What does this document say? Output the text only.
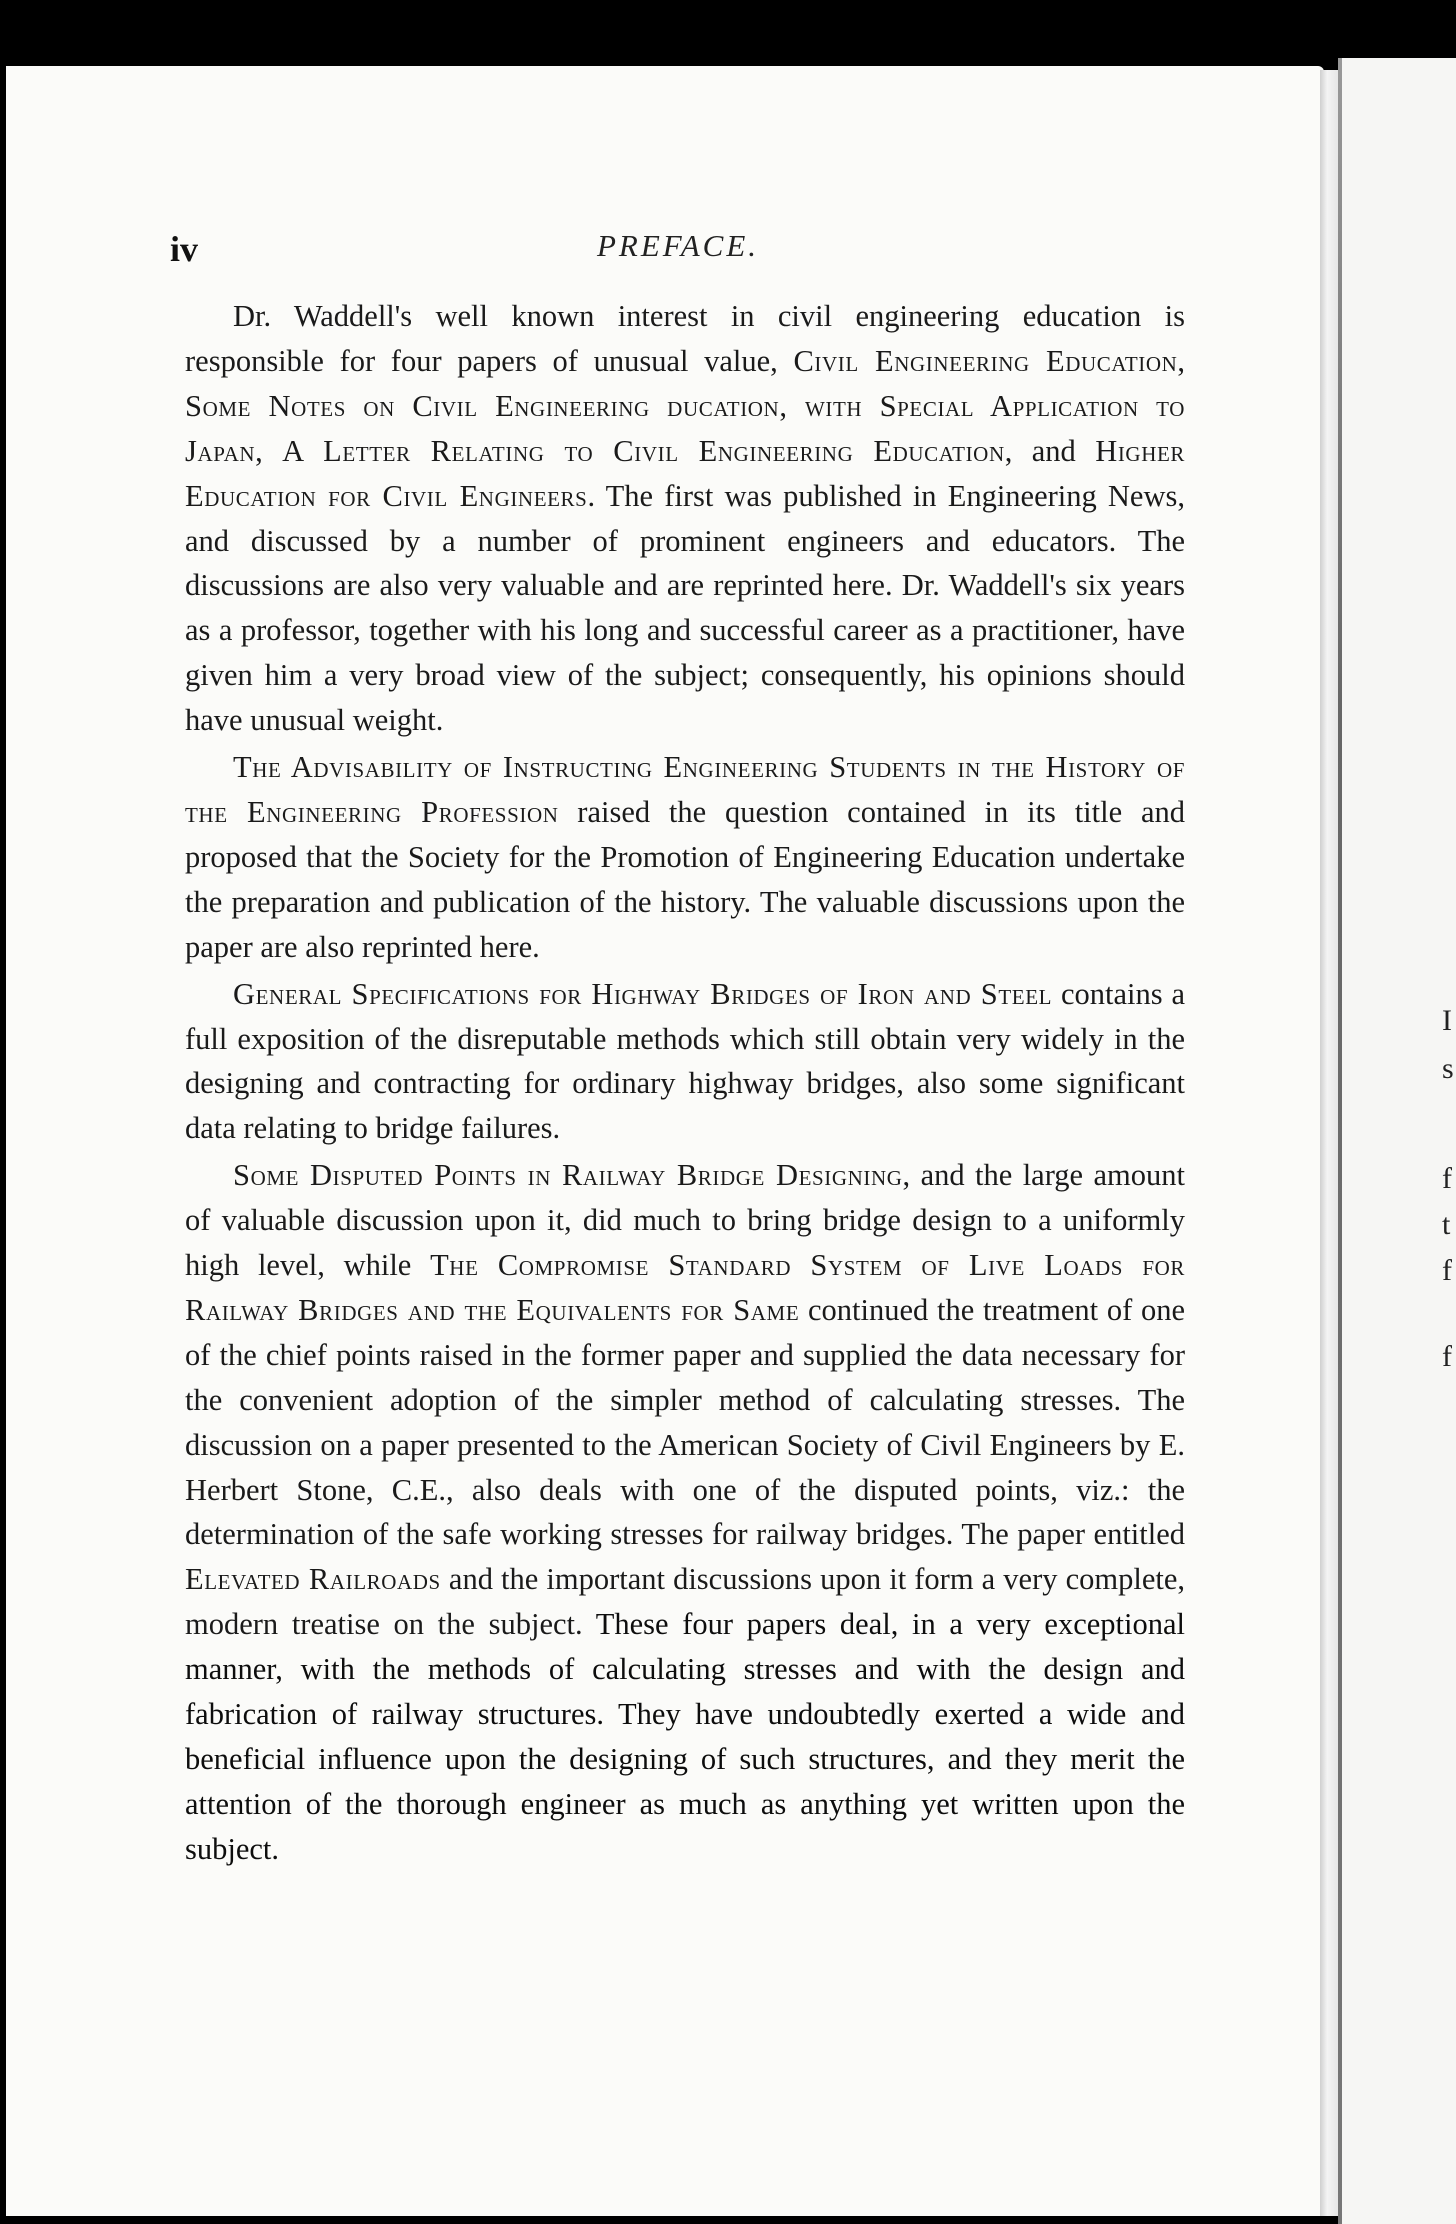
I
s
f
t
f
f
iv	PREFACE.

Dr. Waddell's well known interest in civil engineering education is responsible for four papers of unusual value, Civil Engineering Education, Some Notes on Civil Engineering ducation, with Special Application to Japan, A Letter Relating to Civil Engineering Education, and Higher Education for Civil Engineers. The first was published in Engineering News, and discussed by a number of prominent engineers and educators. The discussions are also very valuable and are reprinted here. Dr. Waddell's six years as a professor, together with his long and successful career as a practitioner, have given him a very broad view of the subject; consequently, his opinions should have unusual weight.

The Advisability of Instructing Engineering Students in the History of the Engineering Profession raised the question contained in its title and proposed that the Society for the Promotion of Engineering Education undertake the preparation and publication of the history. The valuable discussions upon the paper are also reprinted here.

General Specifications for Highway Bridges of Iron and Steel contains a full exposition of the disreputable methods which still obtain very widely in the designing and contracting for ordinary highway bridges, also some significant data relating to bridge failures.

Some Disputed Points in Railway Bridge Designing, and the large amount of valuable discussion upon it, did much to bring bridge design to a uniformly high level, while The Compromise Standard System of Live Loads for Railway Bridges and the Equivalents for Same continued the treatment of one of the chief points raised in the former paper and supplied the data necessary for the convenient adoption of the simpler method of calculating stresses. The discussion on a paper presented to the American Society of Civil Engineers by E. Herbert Stone, C.E., also deals with one of the disputed points, viz.: the determination of the safe working stresses for railway bridges. The paper entitled Elevated Railroads and the important discussions upon it form a very complete, modern treatise on the subject. These four papers deal, in a very exceptional manner, with the methods of calculating stresses and with the design and fabrication of railway structures. They have undoubtedly exerted a wide and beneficial influence upon the designing of such structures, and they merit the attention of the thorough engineer as much as anything yet written upon the subject.
